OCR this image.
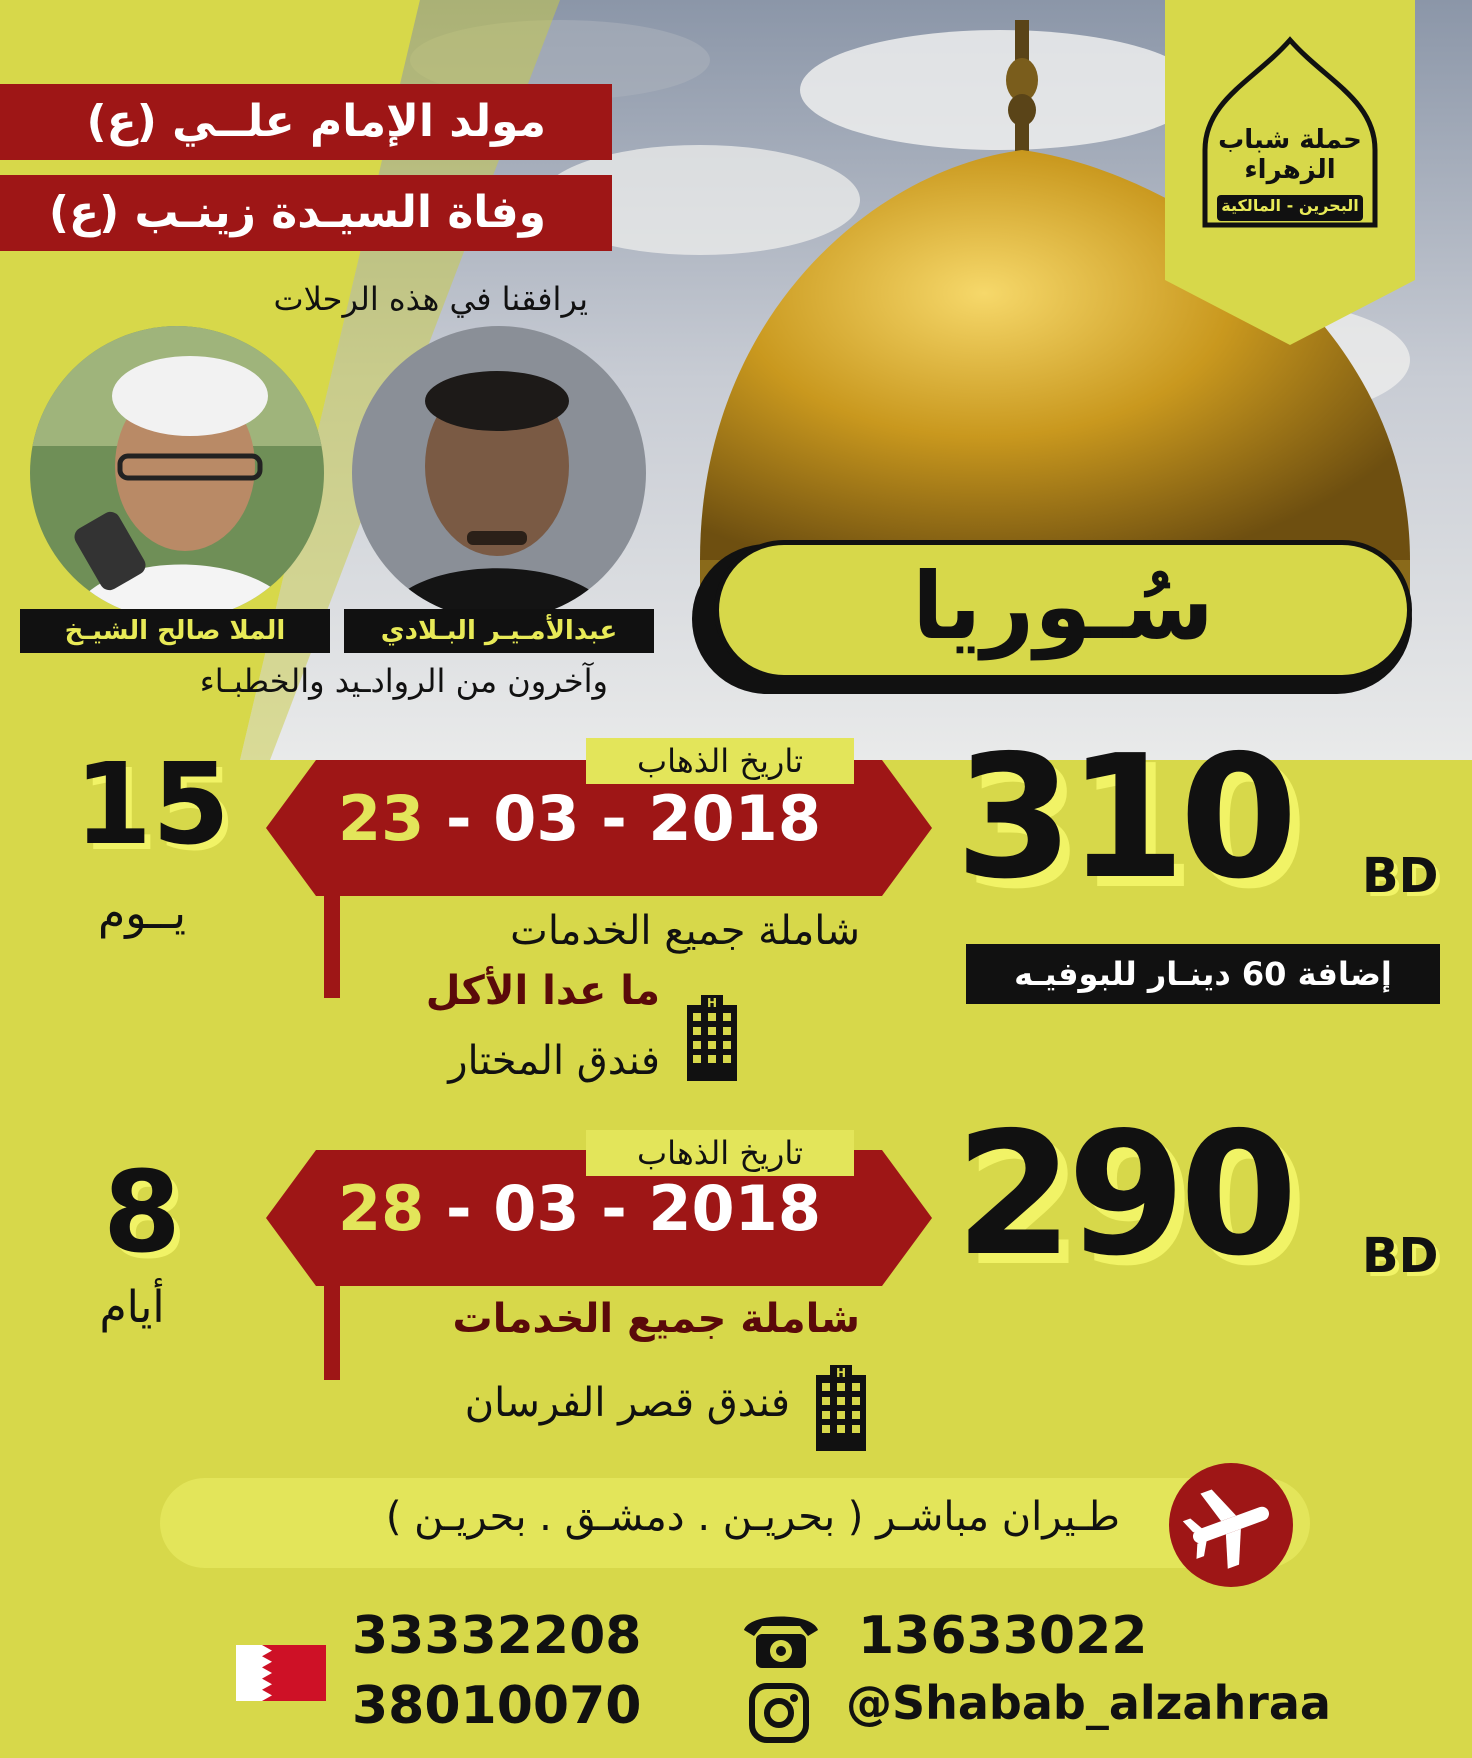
حملة شباب الزهراء
البحرين - المالكية
مولد الإمام علــي (ع)
وفاة السيـدة زينـب (ع)
يرافقنا في هذه الرحلات
الملا صالح الشيـخ	عبدالأمـيـر البـلادي
وآخرون من الروادـيد والخطبـاء
سُـوريا
310 BD
إضافة 60 دينـار للبوفيـه
تاريخ الذهاب
23 - 03 - 2018
15
يــوم	شاملة جميع الخدمات
ما عدا الأكل	H
فندق المختار
290 BD
تاريخ الذهاب
28 - 03 - 2018
8
أيام	شاملة جميع الخدمات
H
فندق قصر الفرسان
طـيران مباشـر ( بحريـن . دمشـق . بحريـن )
33332208
38010070
13633022
@Shabab_alzahraa
